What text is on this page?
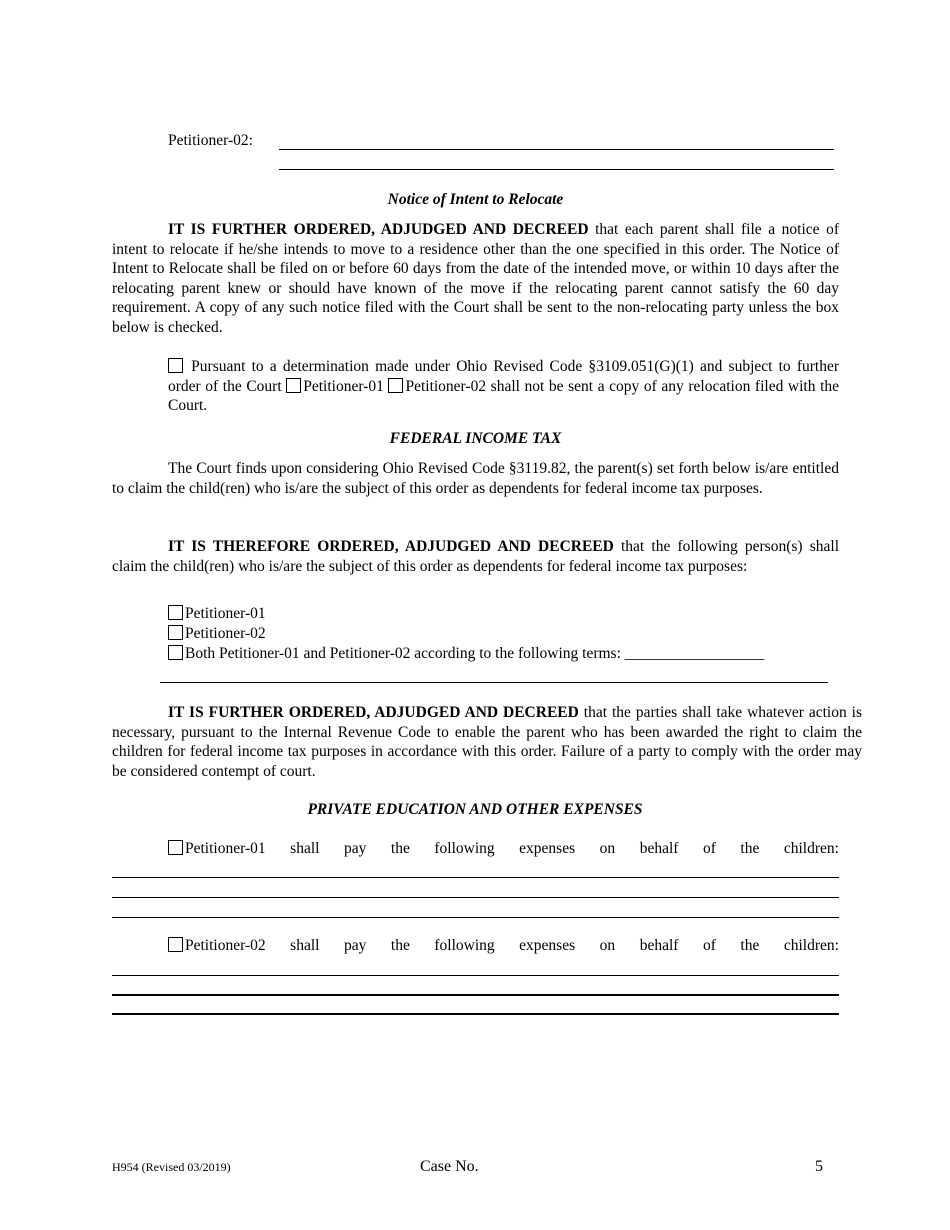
Petitioner-02:
Notice of Intent to Relocate
IT IS FURTHER ORDERED, ADJUDGED AND DECREED that each parent shall file a notice of intent to relocate if he/she intends to move to a residence other than the one specified in this order. The Notice of Intent to Relocate shall be filed on or before 60 days from the date of the intended move, or within 10 days after the relocating parent knew or should have known of the move if the relocating parent cannot satisfy the 60 day requirement. A copy of any such notice filed with the Court shall be sent to the non-relocating party unless the box below is checked.
Pursuant to a determination made under Ohio Revised Code §3109.051(G)(1) and subject to further order of the Court Petitioner-01 Petitioner-02 shall not be sent a copy of any relocation filed with the Court.
FEDERAL INCOME TAX
The Court finds upon considering Ohio Revised Code §3119.82, the parent(s) set forth below is/are entitled to claim the child(ren) who is/are the subject of this order as dependents for federal income tax purposes.
IT IS THEREFORE ORDERED, ADJUDGED AND DECREED that the following person(s) shall claim the child(ren) who is/are the subject of this order as dependents for federal income tax purposes:
Petitioner-01
Petitioner-02
Both Petitioner-01 and Petitioner-02 according to the following terms: __________________
IT IS FURTHER ORDERED, ADJUDGED AND DECREED that the parties shall take whatever action is necessary, pursuant to the Internal Revenue Code to enable the parent who has been awarded the right to claim the children for federal income tax purposes in accordance with this order. Failure of a party to comply with the order may be considered contempt of court.
PRIVATE EDUCATION AND OTHER EXPENSES
Petitioner-01 shall pay the following expenses on behalf of the children:
Petitioner-02 shall pay the following expenses on behalf of the children:
H954 (Revised 03/2019)	Case No.	5
